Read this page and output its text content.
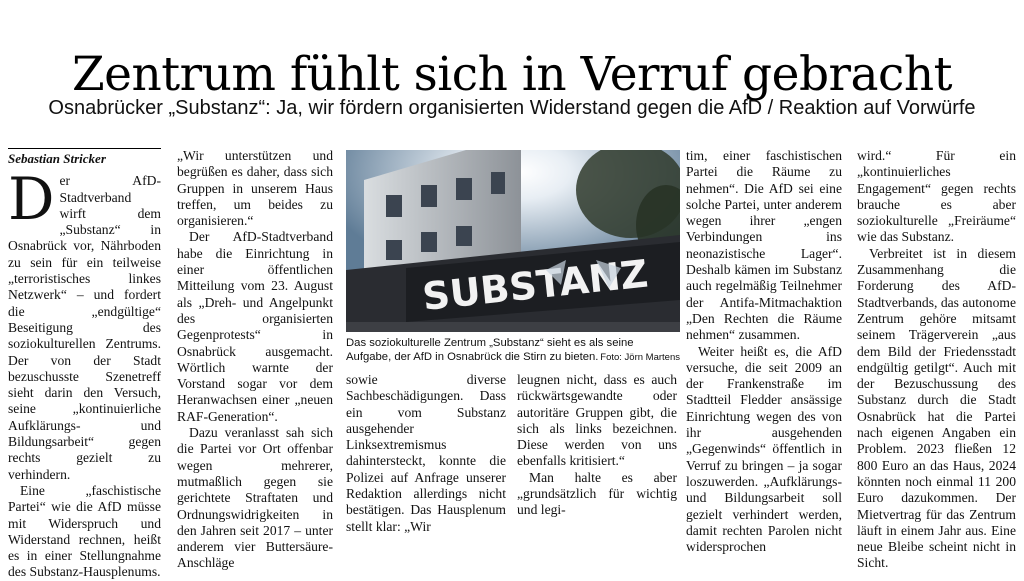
Zentrum fühlt sich in Verruf gebracht
Osnabrücker „Substanz“: Ja, wir fördern organisierten Widerstand gegen die AfD / Reaktion auf Vorwürfe
Sebastian Stricker

Der AfD-Stadtverband wirft dem „Substanz“ in Osnabrück vor, Nährboden zu sein für ein teilweise „terroristisches linkes Netzwerk“ – und fordert die „endgültige“ Beseitigung des soziokulturellen Zentrums. Der von der Stadt bezuschusste Szenetreff sieht darin den Versuch, seine „kontinuierliche Aufklärungs- und Bildungsarbeit“ gegen rechts gezielt zu verhindern.

Eine „faschistische Partei“ wie die AfD müsse mit Widerspruch und Widerstand rechnen, heißt es in einer Stellungnahme des Substanz-Hausplenums.

„Wir unterstützen und begrüßen es daher, dass sich Gruppen in unserem Haus treffen, um beides zu organisieren.“

Der AfD-Stadtverband habe die Einrichtung in einer öffentlichen Mitteilung vom 23. August als „Dreh- und Angelpunkt des organisierten Gegenprotests“ in Osnabrück ausgemacht. Wörtlich warnte der Vorstand sogar vor dem Heranwachsen einer „neuen RAF-Generation“.

Dazu veranlasst sah sich die Partei vor Ort offenbar wegen mehrerer, mutmaßlich gegen sie gerichtete Straftaten und Ordnungswidrigkeiten in den Jahren seit 2017 – unter anderem vier Buttersäure-Anschläge

SUBSTANZ
Das soziokulturelle Zentrum „Substanz“ sieht es als seine Aufgabe, der AfD in Osnabrück die Stirn zu bieten. Foto: Jörn Martens

sowie diverse Sachbeschädigungen. Dass ein vom Substanz ausgehender Linksextremismus dahintersteckt, konnte die Polizei auf Anfrage unserer Redaktion allerdings nicht bestätigen. Das Hausplenum stellt klar: „Wir

leugnen nicht, dass es auch rückwärtsgewandte oder autoritäre Gruppen gibt, die sich als links bezeichnen. Diese werden von uns ebenfalls kritisiert.“

Man halte es aber „grundsätzlich für wichtig und legi-

tim, einer faschistischen Partei die Räume zu nehmen“. Die AfD sei eine solche Partei, unter anderem wegen ihrer „engen Verbindungen ins neonazistische Lager“. Deshalb kämen im Substanz auch regelmäßig Teilnehmer der Antifa-Mitmachaktion „Den Rechten die Räume nehmen“ zusammen.

Weiter heißt es, die AfD versuche, die seit 2009 an der Frankenstraße im Stadtteil Fledder ansässige Einrichtung wegen des von ihr ausgehenden „Gegenwinds“ öffentlich in Verruf zu bringen – ja sogar loszuwerden. „Aufklärungs- und Bildungsarbeit soll gezielt verhindert werden, damit rechten Parolen nicht widersprochen

wird.“ Für ein „kontinuierliches Engagement“ gegen rechts brauche es aber soziokulturelle „Freiräume“ wie das Substanz.

Verbreitet ist in diesem Zusammenhang die Forderung des AfD-Stadtverbands, das autonome Zentrum gehöre mitsamt seinem Trägerverein „aus dem Bild der Friedensstadt endgültig getilgt“. Auch mit der Bezuschussung des Substanz durch die Stadt Osnabrück hat die Partei nach eigenen Angaben ein Problem. 2023 fließen 12 800 Euro an das Haus, 2024 könnten noch einmal 11 200 Euro dazukommen. Der Mietvertrag für das Zentrum läuft in einem Jahr aus. Eine neue Bleibe scheint nicht in Sicht.
